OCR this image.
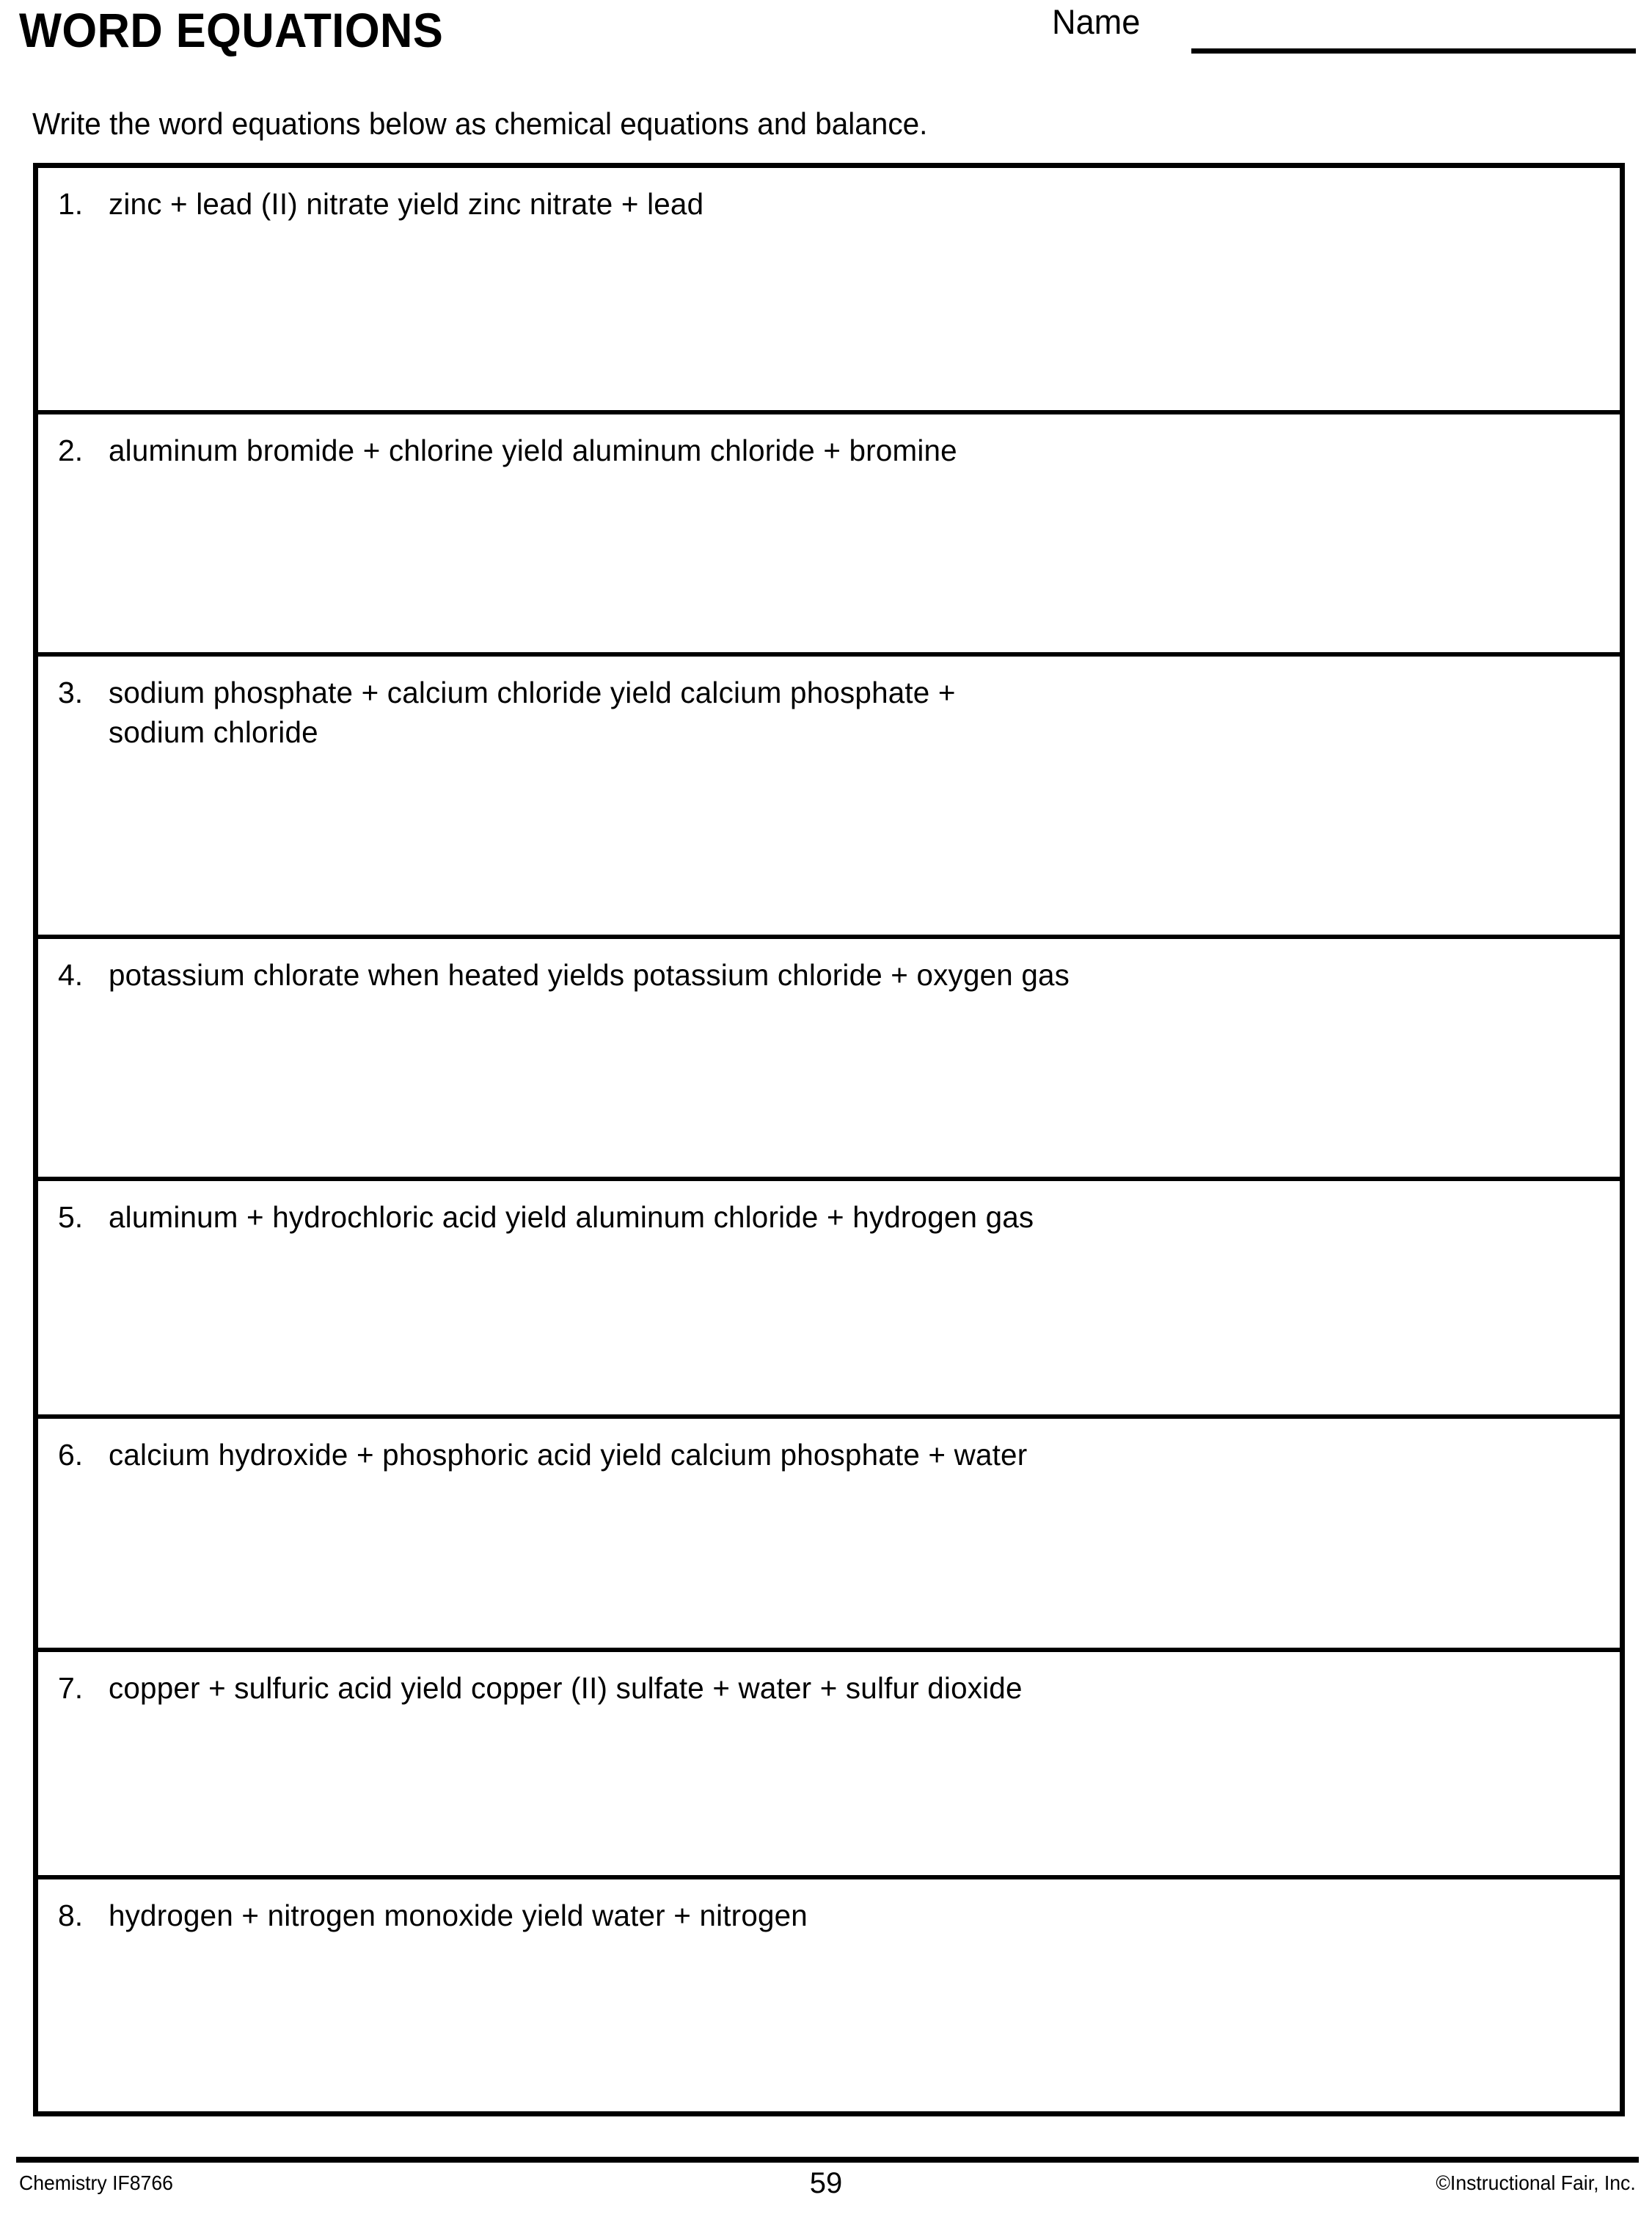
WORD EQUATIONS	Name
Write the word equations below as chemical equations and balance.
1. zinc + lead (II) nitrate yield zinc nitrate + lead
2. aluminum bromide + chlorine yield aluminum chloride + bromine
3. sodium phosphate + calcium chloride yield calcium phosphate +
sodium chloride
4. potassium chlorate when heated yields potassium chloride + oxygen gas
5. aluminum + hydrochloric acid yield aluminum chloride + hydrogen gas
6. calcium hydroxide + phosphoric acid yield calcium phosphate + water
7. copper + sulfuric acid yield copper (II) sulfate + water + sulfur dioxide
8. hydrogen + nitrogen monoxide yield water + nitrogen
Chemistry IF8766	59	©Instructional Fair, Inc.
